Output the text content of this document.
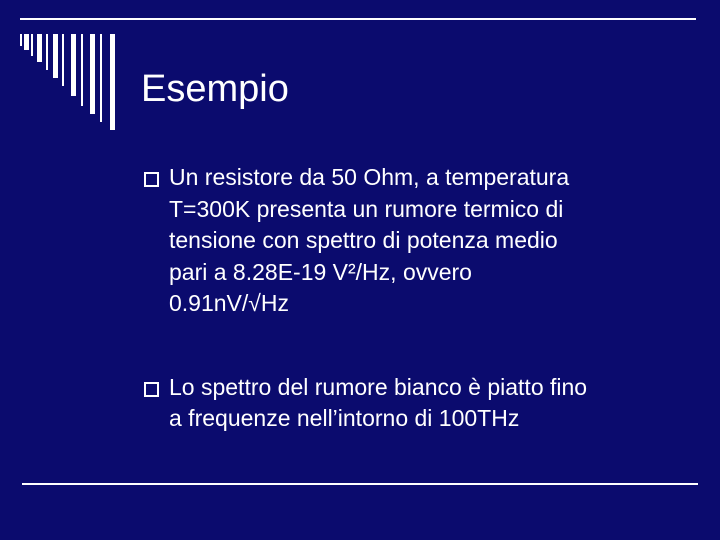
Esempio
Un resistore da 50 Ohm, a temperatura
T=300K presenta un rumore termico di
tensione con spettro di potenza medio
pari a 8.28E-19 V²/Hz, ovvero
0.91nV/√Hz
Lo spettro del rumore bianco è piatto fino
a frequenze nell’intorno di 100THz
